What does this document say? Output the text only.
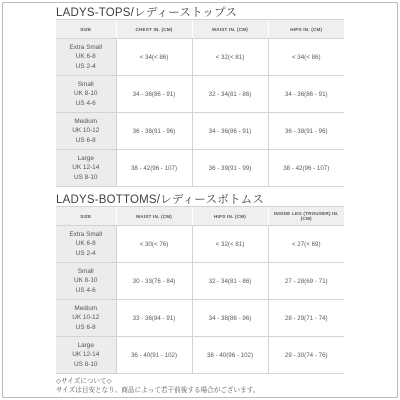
LADYS-TOPS/レディーストップス
SIZE	CHEST IN. (CM)	WAIST IN. (CM)	HIPS IN. (CM)

Extra Small
UK 6-8
US 2-4	< 34(< 86)	< 32(< 81)	< 34(< 86)

Small
UK 8-10
US 4-6	34 - 36(86 - 91)	32 - 34(81 - 86)	34 - 36(86 - 91)

Medium
UK 10-12
US 6-8	36 - 38(91 - 96)	34 - 36(86 - 91)	36 - 38(91 - 96)

Large
UK 12-14
US 8-10	38 - 42(96 - 107)	36 - 39(91 - 99)	38 - 42(96 - 107)
LADYS-BOTTOMS/レディースボトムス
SIZE	WAIST IN. (CM)	HIPS IN. (CM)	INSIDE LEG (TROUSER) IN. (CM)

Extra Small
UK 6-8
US 2-4	< 30(< 76)	< 32(< 81)	< 27(< 69)

Small
UK 8-10
US 4-6	30 - 33(76 - 84)	32 - 34(81 - 86)	27 - 28(69 - 71)

Medium
UK 10-12
US 6-8	33 - 36(84 - 91)	34 - 38(86 - 96)	28 - 29(71 - 74)

Large
UK 12-14
US 8-10	36 - 40(91 - 102)	38 - 40(96 - 102)	29 - 30(74 - 76)
◇サイズについて◇
サイズは目安となり、商品によって若干前後する場合がございます。
